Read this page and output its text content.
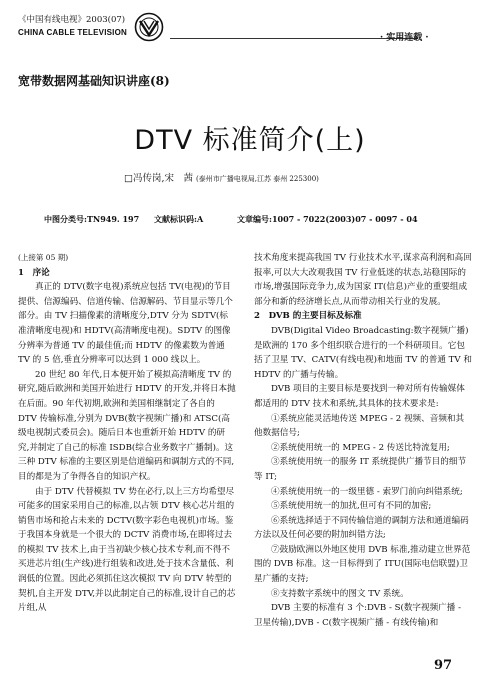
《中国有线电视》2003(07)
CHINA CABLE TELEVISION
· 实用连载 ·
宽带数据网基础知识讲座(8)
DTV 标准简介(上)
□冯传岗,宋　茜 (泰州市广播电视局,江苏 泰州 225300)
中图分类号:TN949. 197 文献标识码:A	文章编号:1007 - 7022(2003)07 - 0097 - 04

(上接第 05 期)

1　序论

真正的 DTV(数字电视)系统应包括 TV(电视)的节目提供、信源编码、信道传输、信源解码、节目显示等几个部分。由 TV 扫描像素的清晰度分,DTV 分为 SDTV(标准清晰度电视)和 HDTV(高清晰度电视)。SDTV 的图像分辨率为普通 TV 的最佳值;而 HDTV 的像素数为普通 TV 的 5 倍,垂直分辨率可以达到 1 000 线以上。

20 世纪 80 年代,日本便开始了模拟高清晰度 TV 的研究,随后欧洲和美国开始进行 HDTV 的开发,并将日本抛在后面。90 年代初期,欧洲和美国相继制定了各自的 DTV 传输标准,分别为 DVB(数字视频广播)和 ATSC(高级电视制式委员会)。随后日本也重新开始 HDTV 的研究,并制定了自己的标准 ISDB(综合业务数字广播制)。这三种 DTV 标准的主要区别是信道编码和调制方式的不同,目的都是为了争得各自的知识产权。

由于 DTV 代替模拟 TV 势在必行,以上三方均希望尽可能多的国家采用自己的标准,以占领 DTV 核心芯片组的销售市场和抢占未来的 DCTV(数字彩色电视机)市场。鉴于我国本身就是一个很大的 DCTV 消费市场,在即将过去的模拟 TV 技术上,由于当初缺少核心技术专利,而不得不买进芯片组(生产线)进行组装和改进,处于技术含量低、利润低的位置。因此必须抓住这次模拟 TV 向 DTV 转型的契机,自主开发 DTV,并以此制定自己的标准,设计自己的芯片组,从

技术角度来提高我国 TV 行业技术水平,谋求高利润和高回报率,可以大大改观我国 TV 行业低迷的状态,站稳国际的市场,增强国际竞争力,成为国家 IT(信息)产业的重要组成部分和新的经济增长点,从而带动相关行业的发展。

2　DVB 的主要目标及标准

DVB(Digital Video Broadcasting:数字视频广播)是欧洲的 170 多个组织联合进行的一个科研项目。它包括了卫星 TV、CATV(有线电视)和地面 TV 的普通 TV 和 HDTV 的广播与传输。

DVB 项目的主要目标是要找到一种对所有传输媒体都适用的 DTV 技术和系统,其具体的技术要求是:

①系统应能灵活地传送 MPEG - 2 视频、音频和其他数据信号;

②系统使用统一的 MPEG - 2 传送比特流复用;

③系统使用统一的服务 IT 系统提供广播节目的细节等 IT;

④系统使用统一的一级里德 - 索罗门前向纠错系统;

⑤系统使用统一的加扰,但可有不同的加密;

⑥系统选择适于不同传输信道的调制方法和通道编码方法以及任何必要的附加纠错方法;

⑦鼓励欧洲以外地区使用 DVB 标准,推动建立世界范围的 DVB 标准。这一目标得到了 ITU(国际电信联盟)卫星广播的支持;

⑧支持数字系统中的图文 TV 系统。

DVB 主要的标准有 3 个:DVB - S(数字视频广播 - 卫星传输),DVB - C(数字视频广播 - 有线传输)和

97
